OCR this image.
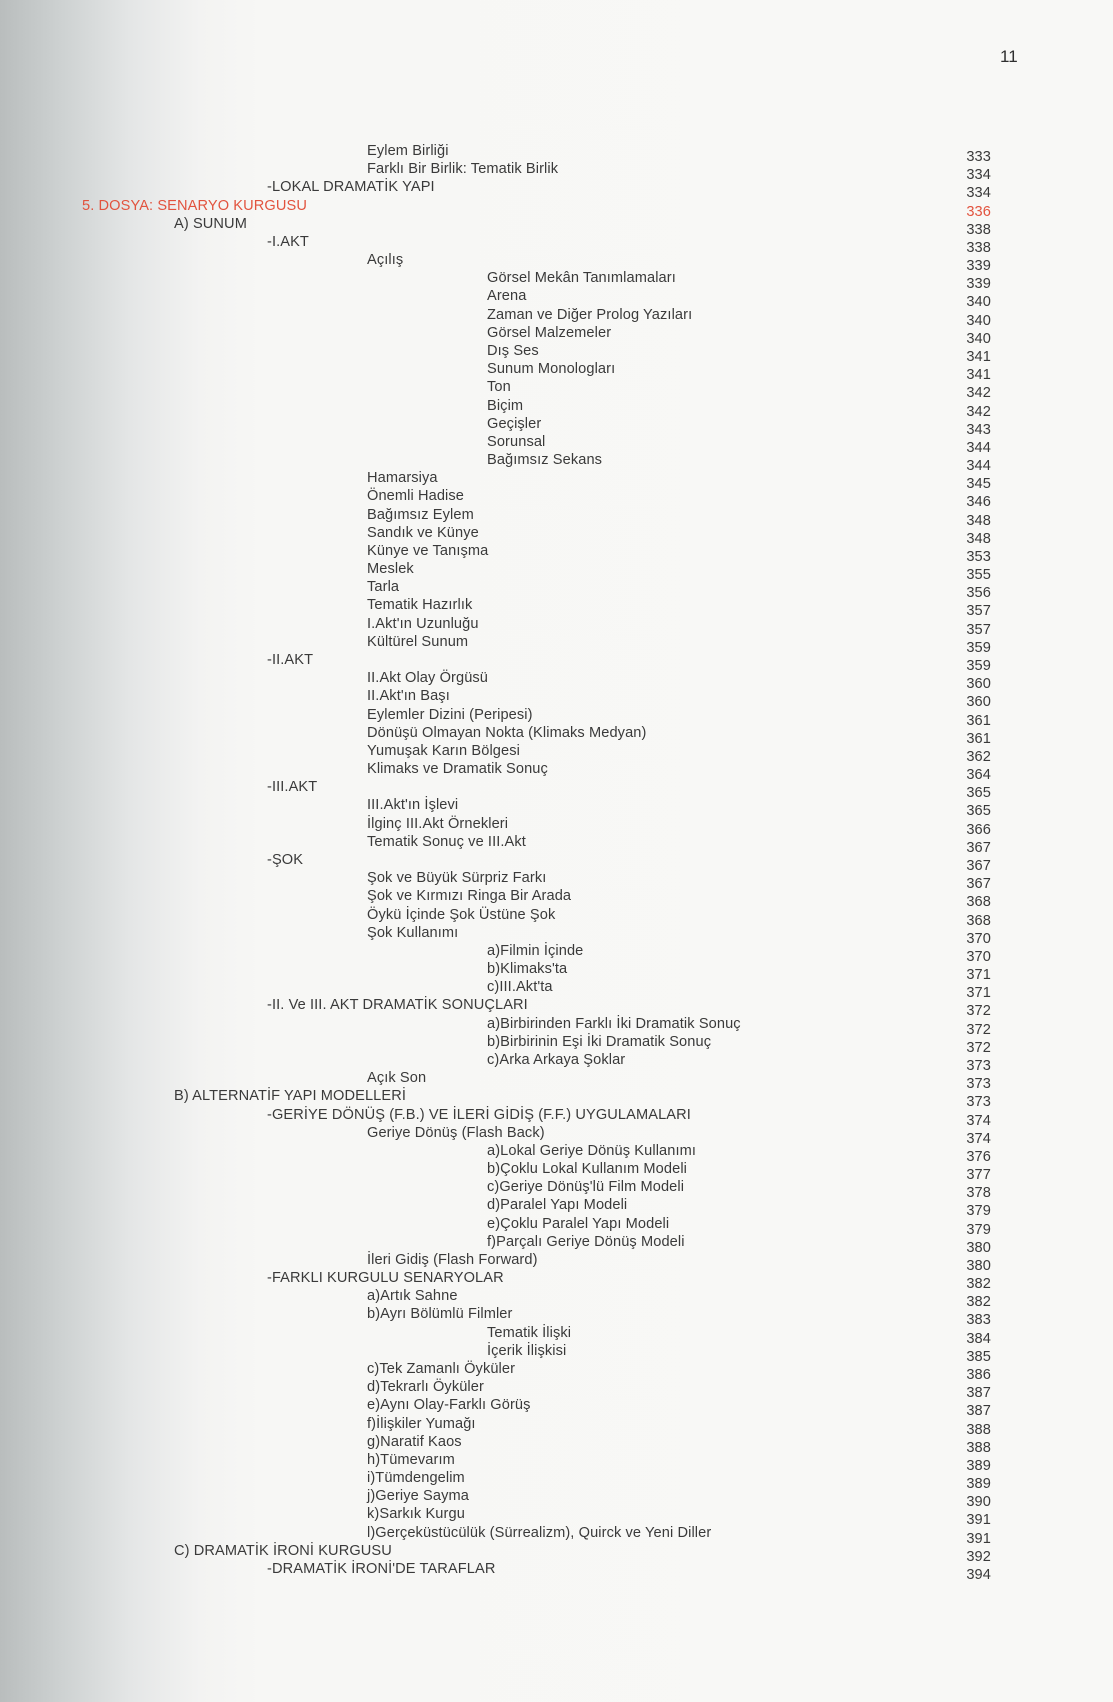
11
Eylem Birliği	333
Farklı Bir Birlik: Tematik Birlik	334
-LOKAL DRAMATİK YAPI	334
5. DOSYA: SENARYO KURGUSU	336
A) SUNUM	338
-I.AKT	338
Açılış	339
Görsel Mekân Tanımlamaları	339
Arena	340
Zaman ve Diğer Prolog Yazıları	340
Görsel Malzemeler	340
Dış Ses	341
Sunum Monologları	341
Ton	342
Biçim	342
Geçişler	343
Sorunsal	344
Bağımsız Sekans	344
Hamarsiya	345
Önemli Hadise	346
Bağımsız Eylem	348
Sandık ve Künye	348
Künye ve Tanışma	353
Meslek	355
Tarla	356
Tematik Hazırlık	357
I.Akt'ın Uzunluğu	357
Kültürel Sunum	359
-II.AKT	359
II.Akt Olay Örgüsü	360
II.Akt'ın Başı	360
Eylemler Dizini (Peripesi)	361
Dönüşü Olmayan Nokta (Klimaks Medyan)	361
Yumuşak Karın Bölgesi	362
Klimaks ve Dramatik Sonuç	364
-III.AKT	365
III.Akt'ın İşlevi	365
İlginç III.Akt Örnekleri	366
Tematik Sonuç ve III.Akt	367
-ŞOK	367
Şok ve Büyük Sürpriz Farkı	367
Şok ve Kırmızı Ringa Bir Arada	368
Öykü İçinde Şok Üstüne Şok	368
Şok Kullanımı	370
a)Filmin İçinde	370
b)Klimaks'ta	371
c)III.Akt'ta	371
-II. Ve III. AKT DRAMATİK SONUÇLARI	372
a)Birbirinden Farklı İki Dramatik Sonuç	372
b)Birbirinin Eşi İki Dramatik Sonuç	372
c)Arka Arkaya Şoklar	373
Açık Son	373
B) ALTERNATİF YAPI MODELLERİ	373
-GERİYE DÖNÜŞ (F.B.) VE İLERİ GİDİŞ (F.F.) UYGULAMALARI	374
Geriye Dönüş (Flash Back)	374
a)Lokal Geriye Dönüş Kullanımı	376
b)Çoklu Lokal Kullanım Modeli	377
c)Geriye Dönüş'lü Film Modeli	378
d)Paralel Yapı Modeli	379
e)Çoklu Paralel Yapı Modeli	379
f)Parçalı Geriye Dönüş Modeli	380
İleri Gidiş (Flash Forward)	380
-FARKLI KURGULU SENARYOLAR	382
a)Artık Sahne	382
b)Ayrı Bölümlü Filmler	383
Tematik İlişki	384
İçerik İlişkisi	385
c)Tek Zamanlı Öyküler	386
d)Tekrarlı Öyküler	387
e)Aynı Olay-Farklı Görüş	387
f)İlişkiler Yumağı	388
g)Naratif Kaos	388
h)Tümevarım	389
i)Tümdengelim	389
j)Geriye Sayma	390
k)Sarkık Kurgu	391
l)Gerçeküstücülük (Sürrealizm), Quirck ve Yeni Diller	391
C) DRAMATİK İRONİ KURGUSU	392
-DRAMATİK İRONİ'DE TARAFLAR	394
